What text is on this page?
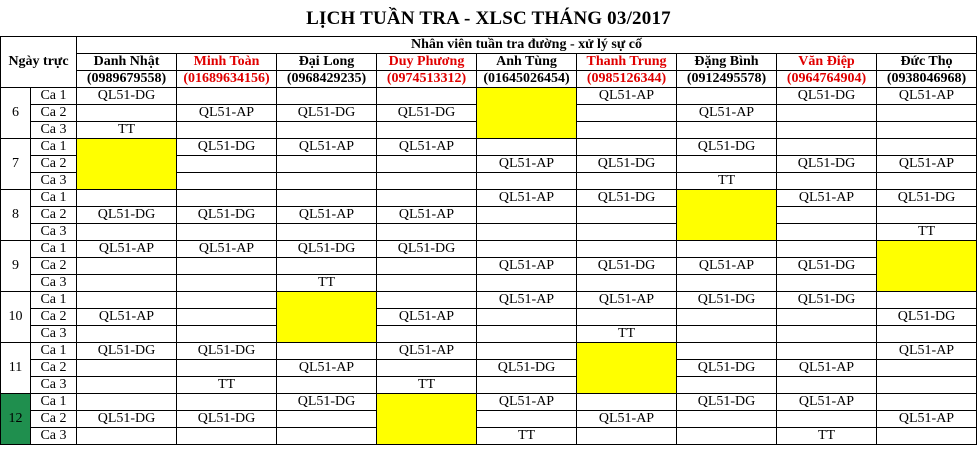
LỊCH TUẦN TRA - XLSC THÁNG 03/2017
Ngày trực		Nhân viên tuần tra đường - xử lý sự cố								
		Danh Nhật	Minh Toàn	Đại Long	Duy Phương	Anh Tùng	Thanh Trung	Đặng Bình	Văn Điệp	Đức Thọ
		(0989679558)	(01689634156)	(0968429235)	(0974513312)	(01645026454)	(0985126344)	(0912495578)	(0964764904)	(0938046968)
6	Ca 1	QL51-DG					QL51-AP		QL51-DG	QL51-AP
	Ca 2		QL51-AP	QL51-DG	QL51-DG			QL51-AP		
	Ca 3	TT								
7	Ca 1		QL51-DG	QL51-AP	QL51-AP			QL51-DG		
	Ca 2					QL51-AP	QL51-DG		QL51-DG	QL51-AP
	Ca 3							TT		
8	Ca 1					QL51-AP	QL51-DG		QL51-AP	QL51-DG
	Ca 2	QL51-DG	QL51-DG	QL51-AP	QL51-AP					
	Ca 3									TT
9	Ca 1	QL51-AP	QL51-AP	QL51-DG	QL51-DG					
	Ca 2					QL51-AP	QL51-DG	QL51-AP	QL51-DG	
	Ca 3			TT						
10	Ca 1					QL51-AP	QL51-AP	QL51-DG	QL51-DG	
	Ca 2	QL51-AP			QL51-AP					QL51-DG
	Ca 3						TT			
11	Ca 1	QL51-DG	QL51-DG		QL51-AP					QL51-AP
	Ca 2			QL51-AP		QL51-DG		QL51-DG	QL51-AP	
	Ca 3		TT		TT					
12	Ca 1			QL51-DG		QL51-AP		QL51-DG	QL51-AP	
	Ca 2	QL51-DG	QL51-DG				QL51-AP			QL51-AP
	Ca 3					TT			TT	
